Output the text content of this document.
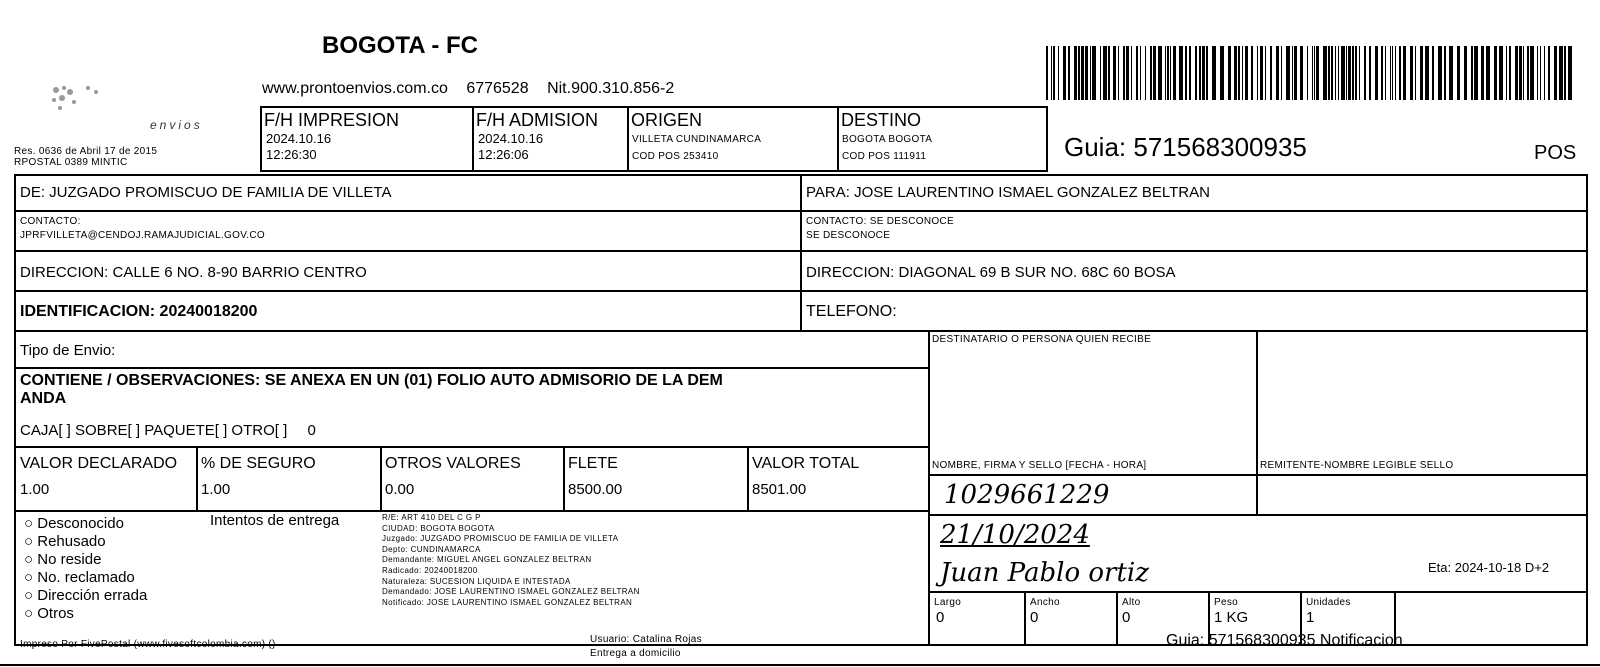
envios
Res. 0636 de Abril 17 de 2015
RPOSTAL 0389 MINTIC
BOGOTA - FC
www.prontoenvios.com.co 6776528 Nit.900.310.856-2
F/H IMPRESION
2024.10.16
12:26:30
F/H ADMISION
2024.10.16
12:26:06
ORIGEN
VILLETA CUNDINAMARCA
COD POS 253410
DESTINO
BOGOTA BOGOTA
COD POS 111911	Guia: 571568300935	POS
DE: JUZGADO PROMISCUO DE FAMILIA DE VILLETA	PARA: JOSE LAURENTINO ISMAEL GONZALEZ BELTRAN
CONTACTO:
JPRFVILLETA@CENDOJ.RAMAJUDICIAL.GOV.CO
CONTACTO: SE DESCONOCE
SE DESCONOCE
DIRECCION: CALLE 6 NO. 8-90 BARRIO CENTRO	DIRECCION: DIAGONAL 69 B SUR NO. 68C 60 BOSA
IDENTIFICACION: 20240018200	TELEFONO:
Tipo de Envio:
CONTIENE / OBSERVACIONES: SE ANEXA EN UN (01) FOLIO AUTO ADMISORIO DE LA DEM
ANDA
CAJA[ ] SOBRE[ ] PAQUETE[ ] OTRO[ ] 0
VALOR DECLARADO
1.00
% DE SEGURO
1.00
OTROS VALORES
0.00
FLETE
8500.00
VALOR TOTAL
8501.00
○ Desconocido
○ Rehusado
○ No reside
○ No. reclamado
○ Dirección errada
○ Otros
Intentos de entrega	R/E: ART 410 DEL C G P
CIUDAD: BOGOTA BOGOTA
Juzgado: JUZGADO PROMISCUO DE FAMILIA DE VILLETA
Depto: CUNDINAMARCA
Demandante: MIGUEL ANGEL GONZALEZ BELTRAN
Radicado: 20240018200
Naturaleza: SUCESION LIQUIDA E INTESTADA
Demandado: JOSE LAURENTINO ISMAEL GONZALEZ BELTRAN
Notificado: JOSE LAURENTINO ISMAEL GONZALEZ BELTRAN
DESTINATARIO O PERSONA QUIEN RECIBE
NOMBRE, FIRMA Y SELLO [FECHA - HORA]	REMITENTE-NOMBRE LEGIBLE SELLO
1029661229
21/10/2024
Juan Pablo ortiz	Eta: 2024-10-18 D+2
Largo
0
Ancho
0
Alto
0
Peso
1 KG
Unidades
1
Impreso Por FivePostal (www.fivesoftcolombia.com) ()	Usuario: Catalina Rojas
Entrega a domicilio
Guia: 571568300935 Notificacion
